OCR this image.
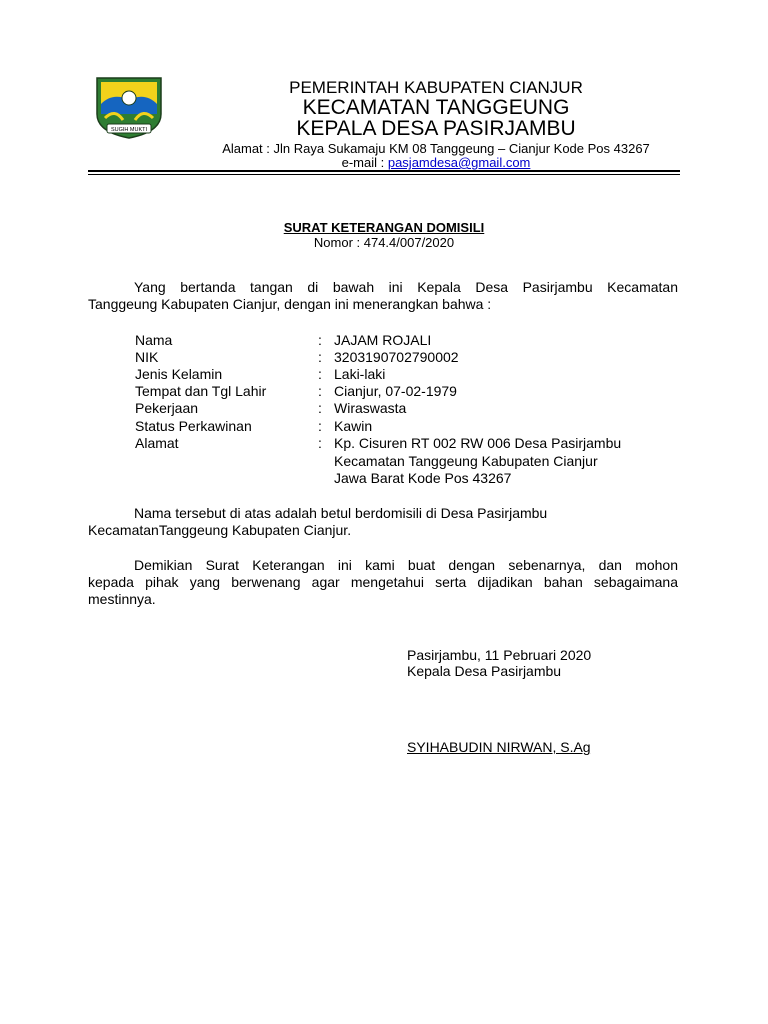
SUGIH MUKTI
PEMERINTAH KABUPATEN CIANJUR
KECAMATAN TANGGEUNG
KEPALA DESA PASIRJAMBU
Alamat : Jln Raya Sukamaju KM 08 Tanggeung – Cianjur Kode Pos 43267
e-mail : pasjamdesa@gmail.com
SURAT KETERANGAN DOMISILI
Nomor : 474.4/007/2020
Yang bertanda tangan di bawah ini Kepala Desa Pasirjambu Kecamatan
Tanggeung Kabupaten Cianjur, dengan ini menerangkan bahwa :
Nama	: JAJAM ROJALI
NIK	: 3203190702790002
Jenis Kelamin	: Laki-laki
Tempat dan Tgl Lahir	: Cianjur, 07-02-1979
Pekerjaan	: Wiraswasta
Status Perkawinan	: Kawin
Alamat	: Kp. Cisuren RT 002 RW 006 Desa Pasirjambu
Kecamatan Tanggeung Kabupaten Cianjur
Jawa Barat Kode Pos 43267
Nama tersebut di atas adalah betul berdomisili di Desa Pasirjambu
KecamatanTanggeung Kabupaten Cianjur.
Demikian Surat Keterangan ini kami buat dengan sebenarnya, dan mohon
kepada pihak yang berwenang agar mengetahui serta dijadikan bahan sebagaimana
mestinnya.
Pasirjambu, 11 Pebruari 2020
Kepala Desa Pasirjambu
SYIHABUDIN NIRWAN, S.Ag
